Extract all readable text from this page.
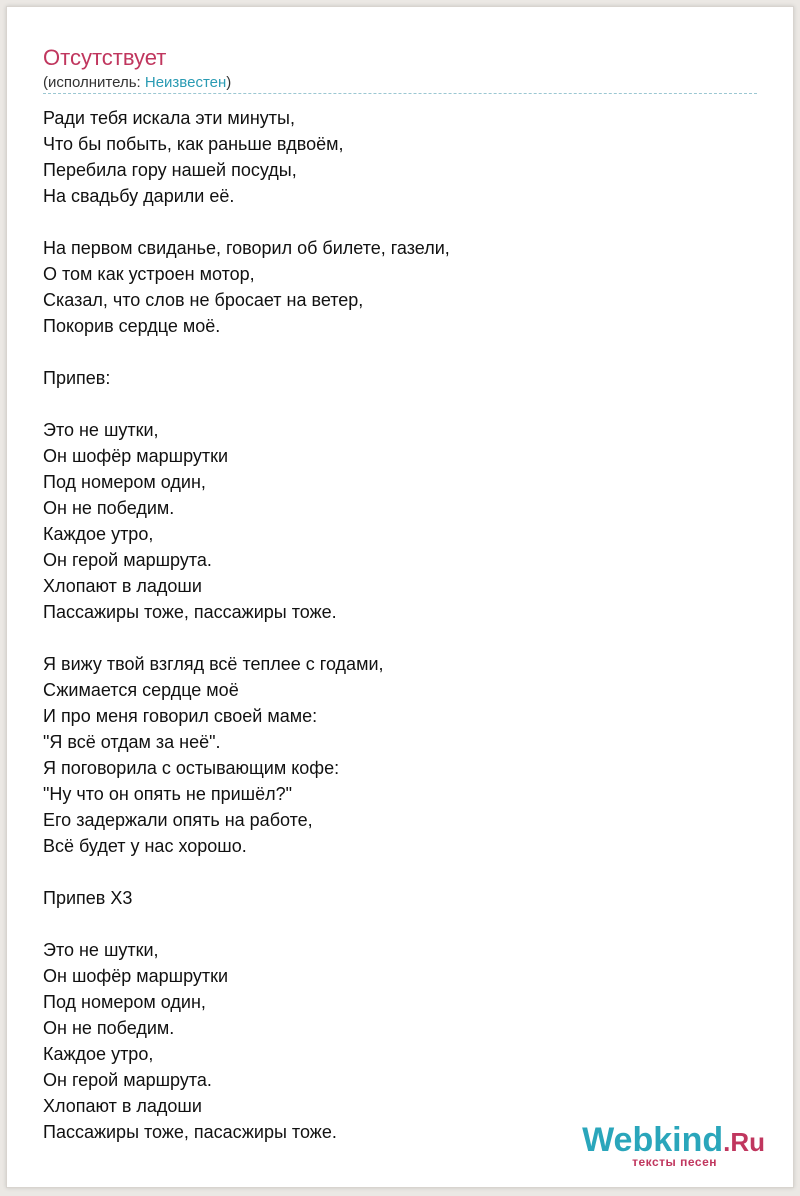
Отсутствует
(исполнитель: Неизвестен)
Ради тебя искала эти минуты,
Что бы побыть, как раньше вдвоём,
Перебила гору нашей посуды,
На свадьбу дарили её.
На первом свиданье, говорил об билете, газели,
О том как устроен мотор,
Сказал, что слов не бросает на ветер,
Покорив сердце моё.
Припев:
Это не шутки,
Он шофёр маршрутки
Под номером один,
Он не победим.
Каждое утро,
Он герой маршрута.
Хлопают в ладоши
Пассажиры тоже, пассажиры тоже.
Я вижу твой взгляд всё теплее с годами,
Сжимается сердце моё
И про меня говорил своей маме:
"Я всё отдам за неё".
Я поговорила с остывающим кофе:
"Ну что он опять не пришёл?"
Его задержали опять на работе,
Всё будет у нас хорошо.
Припев Х3
Это не шутки,
Он шофёр маршрутки
Под номером один,
Он не победим.
Каждое утро,
Он герой маршрута.
Хлопают в ладоши
Пассажиры тоже, пасасжиры тоже.	Webkind.Ru
тексты песен
